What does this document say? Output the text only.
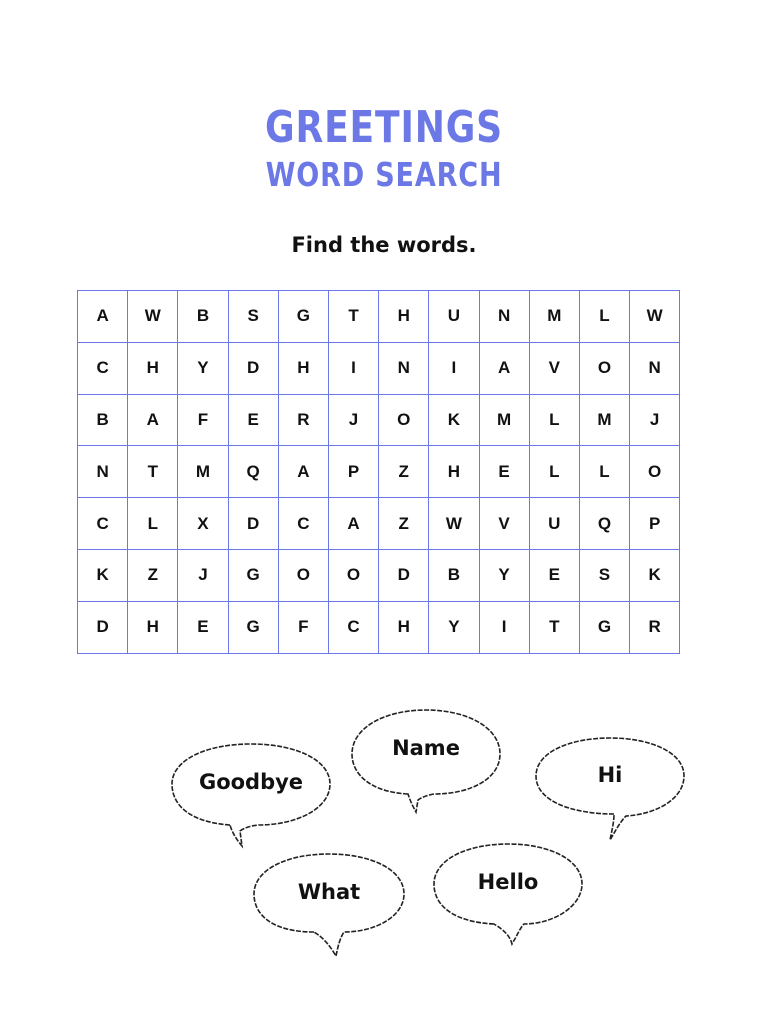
GREETINGS
WORD SEARCH
Find the words.
A	W	B	S	G	T	H	U	N	M	L	W
C	H	Y	D	H	I	N	I	A	V	O	N
B	A	F	E	R	J	O	K	M	L	M	J
N	T	M	Q	A	P	Z	H	E	L	L	O
C	L	X	D	C	A	Z	W	V	U	Q	P
K	Z	J	G	O	O	D	B	Y	E	S	K
D	H	E	G	F	C	H	Y	I	T	G	R
Goodbye
Name
Hi
What	Hello
